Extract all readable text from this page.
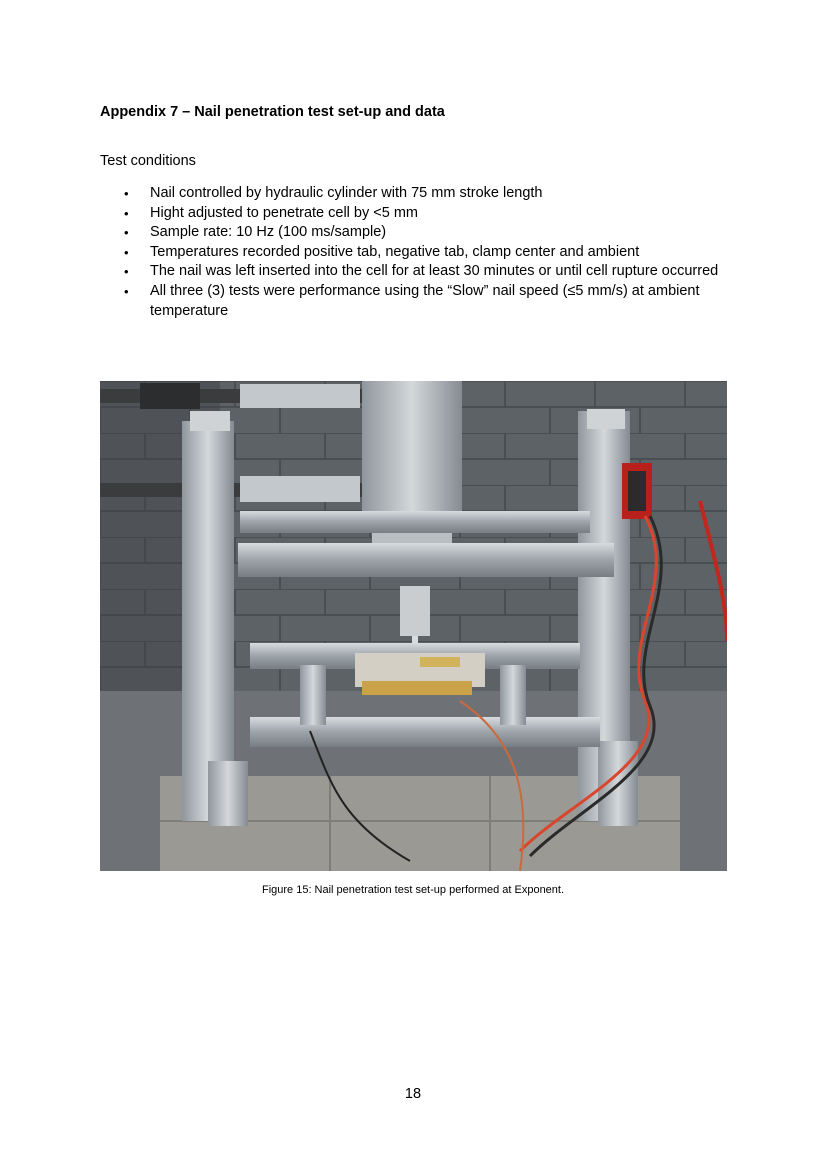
Appendix 7 – Nail penetration test set-up and data

Test conditions

• Nail controlled by hydraulic cylinder with 75 mm stroke length
• Hight adjusted to penetrate cell by <5 mm
• Sample rate: 10 Hz (100 ms/sample)
• Temperatures recorded positive tab, negative tab, clamp center and ambient
• The nail was left inserted into the cell for at least 30 minutes or until cell rupture occurred
• All three (3) tests were performance using the “Slow” nail speed (≤5 mm/s) at ambient temperature

Figure 15: Nail penetration test set-up performed at Exponent.

18
